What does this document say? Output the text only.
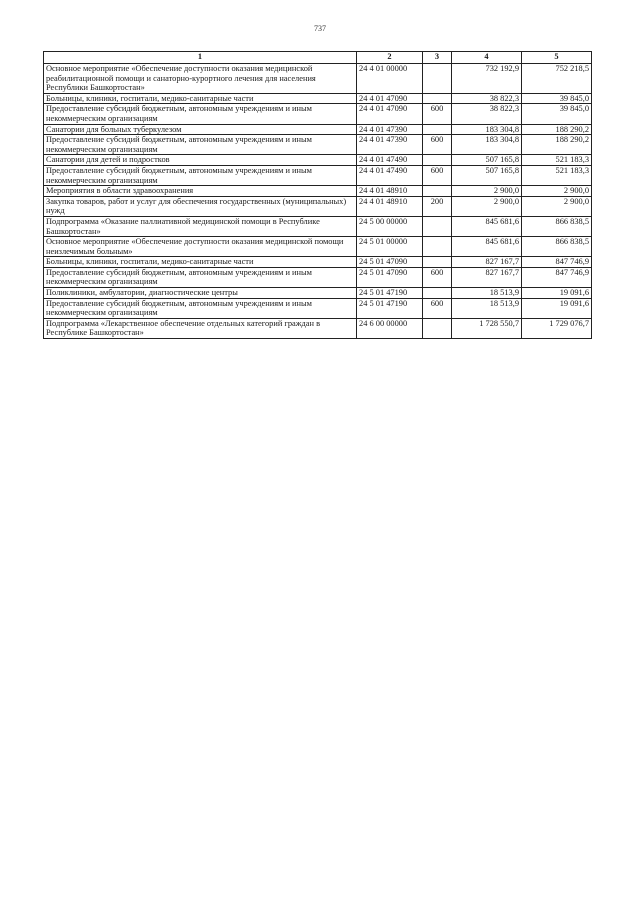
737
1	2	3	4	5
Основное мероприятие «Обеспечение доступности оказания медицинской реабилитационной помощи и санаторно-курортного лечения для населения Республики Башкортостан»	24 4 01 00000		732 192,9	752 218,5
Больницы, клиники, госпитали, медико-санитарные части	24 4 01 47090		38 822,3	39 845,0
Предоставление субсидий бюджетным, автономным учреждениям и иным некоммерческим организациям	24 4 01 47090	600	38 822,3	39 845,0
Санатории для больных туберкулезом	24 4 01 47390		183 304,8	188 290,2
Предоставление субсидий бюджетным, автономным учреждениям и иным некоммерческим организациям	24 4 01 47390	600	183 304,8	188 290,2
Санатории для детей и подростков	24 4 01 47490		507 165,8	521 183,3
Предоставление субсидий бюджетным, автономным учреждениям и иным некоммерческим организациям	24 4 01 47490	600	507 165,8	521 183,3
Мероприятия в области здравоохранения	24 4 01 48910		2 900,0	2 900,0
Закупка товаров, работ и услуг для обеспечения государственных (муниципальных) нужд	24 4 01 48910	200	2 900,0	2 900,0
Подпрограмма «Оказание паллиативной медицинской помощи в Республике Башкортостан»	24 5 00 00000		845 681,6	866 838,5
Основное мероприятие «Обеспечение доступности оказания медицинской помощи неизлечимым больным»	24 5 01 00000		845 681,6	866 838,5
Больницы, клиники, госпитали, медико-санитарные части	24 5 01 47090		827 167,7	847 746,9
Предоставление субсидий бюджетным, автономным учреждениям и иным некоммерческим организациям	24 5 01 47090	600	827 167,7	847 746,9
Поликлиники, амбулатории, диагностические центры	24 5 01 47190		18 513,9	19 091,6
Предоставление субсидий бюджетным, автономным учреждениям и иным некоммерческим организациям	24 5 01 47190	600	18 513,9	19 091,6
Подпрограмма «Лекарственное обеспечение отдельных категорий граждан в Республике Башкортостан»	24 6 00 00000		1 728 550,7	1 729 076,7
